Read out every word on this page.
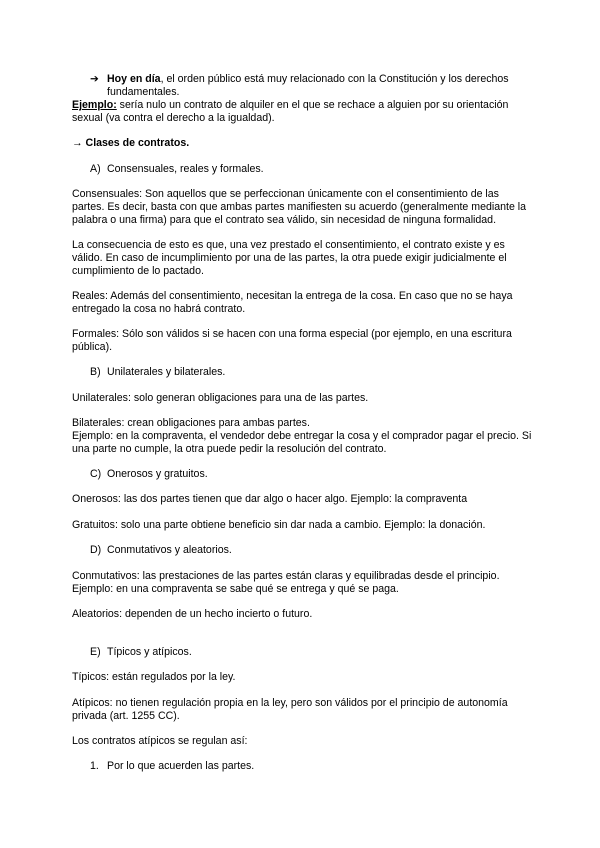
➔ Hoy en día, el orden público está muy relacionado con la Constitución y los derechos fundamentales.

Ejemplo: sería nulo un contrato de alquiler en el que se rechace a alguien por su orientación sexual (va contra el derecho a la igualdad).

→ Clases de contratos.

A) Consensuales, reales y formales.

Consensuales: Son aquellos que se perfeccionan únicamente con el consentimiento de las partes. Es decir, basta con que ambas partes manifiesten su acuerdo (generalmente mediante la palabra o una firma) para que el contrato sea válido, sin necesidad de ninguna formalidad.

La consecuencia de esto es que, una vez prestado el consentimiento, el contrato existe y es válido. En caso de incumplimiento por una de las partes, la otra puede exigir judicialmente el cumplimiento de lo pactado.

Reales: Además del consentimiento, necesitan la entrega de la cosa. En caso que no se haya entregado la cosa no habrá contrato.

Formales: Sólo son válidos si se hacen con una forma especial (por ejemplo, en una escritura pública).

B) Unilaterales y bilaterales.

Unilaterales: solo generan obligaciones para una de las partes.

Bilaterales: crean obligaciones para ambas partes.

Ejemplo: en la compraventa, el vendedor debe entregar la cosa y el comprador pagar el precio. Si una parte no cumple, la otra puede pedir la resolución del contrato.

C) Onerosos y gratuitos.

Onerosos: las dos partes tienen que dar algo o hacer algo. Ejemplo: la compraventa

Gratuitos: solo una parte obtiene beneficio sin dar nada a cambio. Ejemplo: la donación.

D) Conmutativos y aleatorios.

Conmutativos: las prestaciones de las partes están claras y equilibradas desde el principio. Ejemplo: en una compraventa se sabe qué se entrega y qué se paga.

Aleatorios: dependen de un hecho incierto o futuro.

E) Típicos y atípicos.

Típicos: están regulados por la ley.

Atípicos: no tienen regulación propia en la ley, pero son válidos por el principio de autonomía privada (art. 1255 CC).

Los contratos atípicos se regulan así:

1. Por lo que acuerden las partes.
